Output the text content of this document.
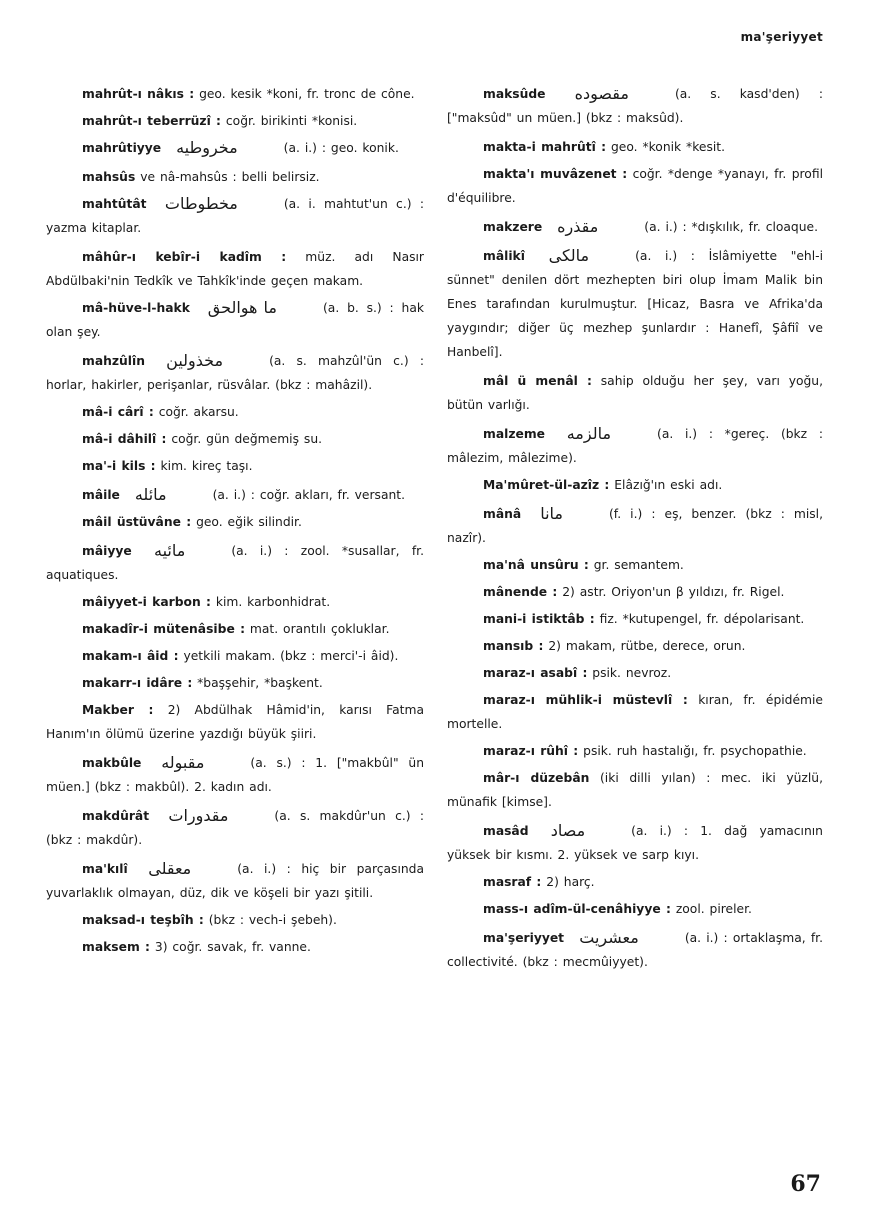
ma'şeriyyet

mahrût-ı nâkıs : geo. kesik *koni, fr. tronc de cône.

mahrût-ı teberrüzî : coğr. birikinti *konisi.

mahrûtiyye مخروطيه	(a. i.) : geo. konik.

mahsûs ve nâ-mahsûs : belli belirsiz.

mahtûtât مخطوطات	(a. i. mahtut'un c.) : yazma kitaplar.

mâhûr-ı kebîr-i kadîm : müz. adı Nasır Abdülbaki'nin Tedkîk ve Tahkîk'inde geçen makam.

mâ-hüve-l-hakk ما هوالحق	(a. b. s.) : hak olan şey.

mahzûlîn مخذولين	(a. s. mahzûl'ün c.) : horlar, hakirler, perişanlar, rüsvâlar. (bkz : mahâzil).

mâ-i cârî : coğr. akarsu.

mâ-i dâhilî : coğr. gün değmemiş su.

ma'-i kils : kim. kireç taşı.

mâile مائله	(a. i.) : coğr. akları, fr. versant.

mâil üstüvâne : geo. eğik silindir.

mâiyye مائيه	(a. i.) : zool. *susallar, fr. aquatiques.

mâiyyet-i karbon : kim. karbonhidrat.

makadîr-i mütenâsibe : mat. orantılı çokluklar.

makam-ı âid : yetkili makam. (bkz : merci'-i âid).

makarr-ı idâre : *başşehir, *başkent.

Makber : 2) Abdülhak Hâmid'in, karısı Fatma Hanım'ın ölümü üzerine yazdığı büyük şiiri.

makbûle مقبوله	(a. s.) : 1. ["makbûl" ün müen.] (bkz : makbûl). 2. kadın adı.

makdûrât مقدورات	(a. s. makdûr'un c.) : (bkz : makdûr).

ma'kılî معقلى	(a. i.) : hiç bir parçasında yuvarlaklık olmayan, düz, dik ve köşeli bir yazı şitili.

maksad-ı teşbîh : (bkz : vech-i şebeh).

maksem : 3) coğr. savak, fr. vanne.

maksûde مقصوده	(a. s. kasd'den) : ["maksûd" un müen.] (bkz : maksûd).

makta-i mahrûtî : geo. *konik *kesit.

makta'ı muvâzenet : coğr. *denge *yanayı, fr. profil d'équilibre.

makzere مقذره	(a. i.) : *dışkılık, fr. cloaque.

mâlikî مالكى	(a. i.) : İslâmiyette "ehl-i sünnet" denilen dört mezhepten biri olup İmam Malik bin Enes tarafından kurulmuştur. [Hicaz, Basra ve Afrika'da yaygındır; diğer üç mezhep şunlardır : Hanefî, Şâfiî ve Hanbelî].

mâl ü menâl : sahip olduğu her şey, varı yoğu, bütün varlığı.

malzeme مالزمه	(a. i.) : *gereç. (bkz : mâlezim, mâlezime).

Ma'mûret-ül-azîz : Elâzığ'ın eski adı.

mânâ مانا	(f. i.) : eş, benzer. (bkz : misl, nazîr).

ma'nâ unsûru : gr. semantem.

mânende : 2) astr. Oriyon'un β yıldızı, fr. Rigel.

mani-i istiktâb : fiz. *kutupengel, fr. dépolarisant.

mansıb : 2) makam, rütbe, derece, orun.

maraz-ı asabî : psik. nevroz.

maraz-ı mühlik-i müstevlî : kıran, fr. épidémie mortelle.

maraz-ı rûhî : psik. ruh hastalığı, fr. psychopathie.

mâr-ı düzebân (iki dilli yılan) : mec. iki yüzlü, münafik [kimse].

masâd مصاد	(a. i.) : 1. dağ yamacının yüksek bir kısmı. 2. yüksek ve sarp kıyı.

masraf : 2) harç.

mass-ı adîm-ül-cenâhiyye : zool. pireler.

ma'şeriyyet معشريت	(a. i.) : ortaklaşma, fr. collectivité. (bkz : mecmûiyyet).

67
